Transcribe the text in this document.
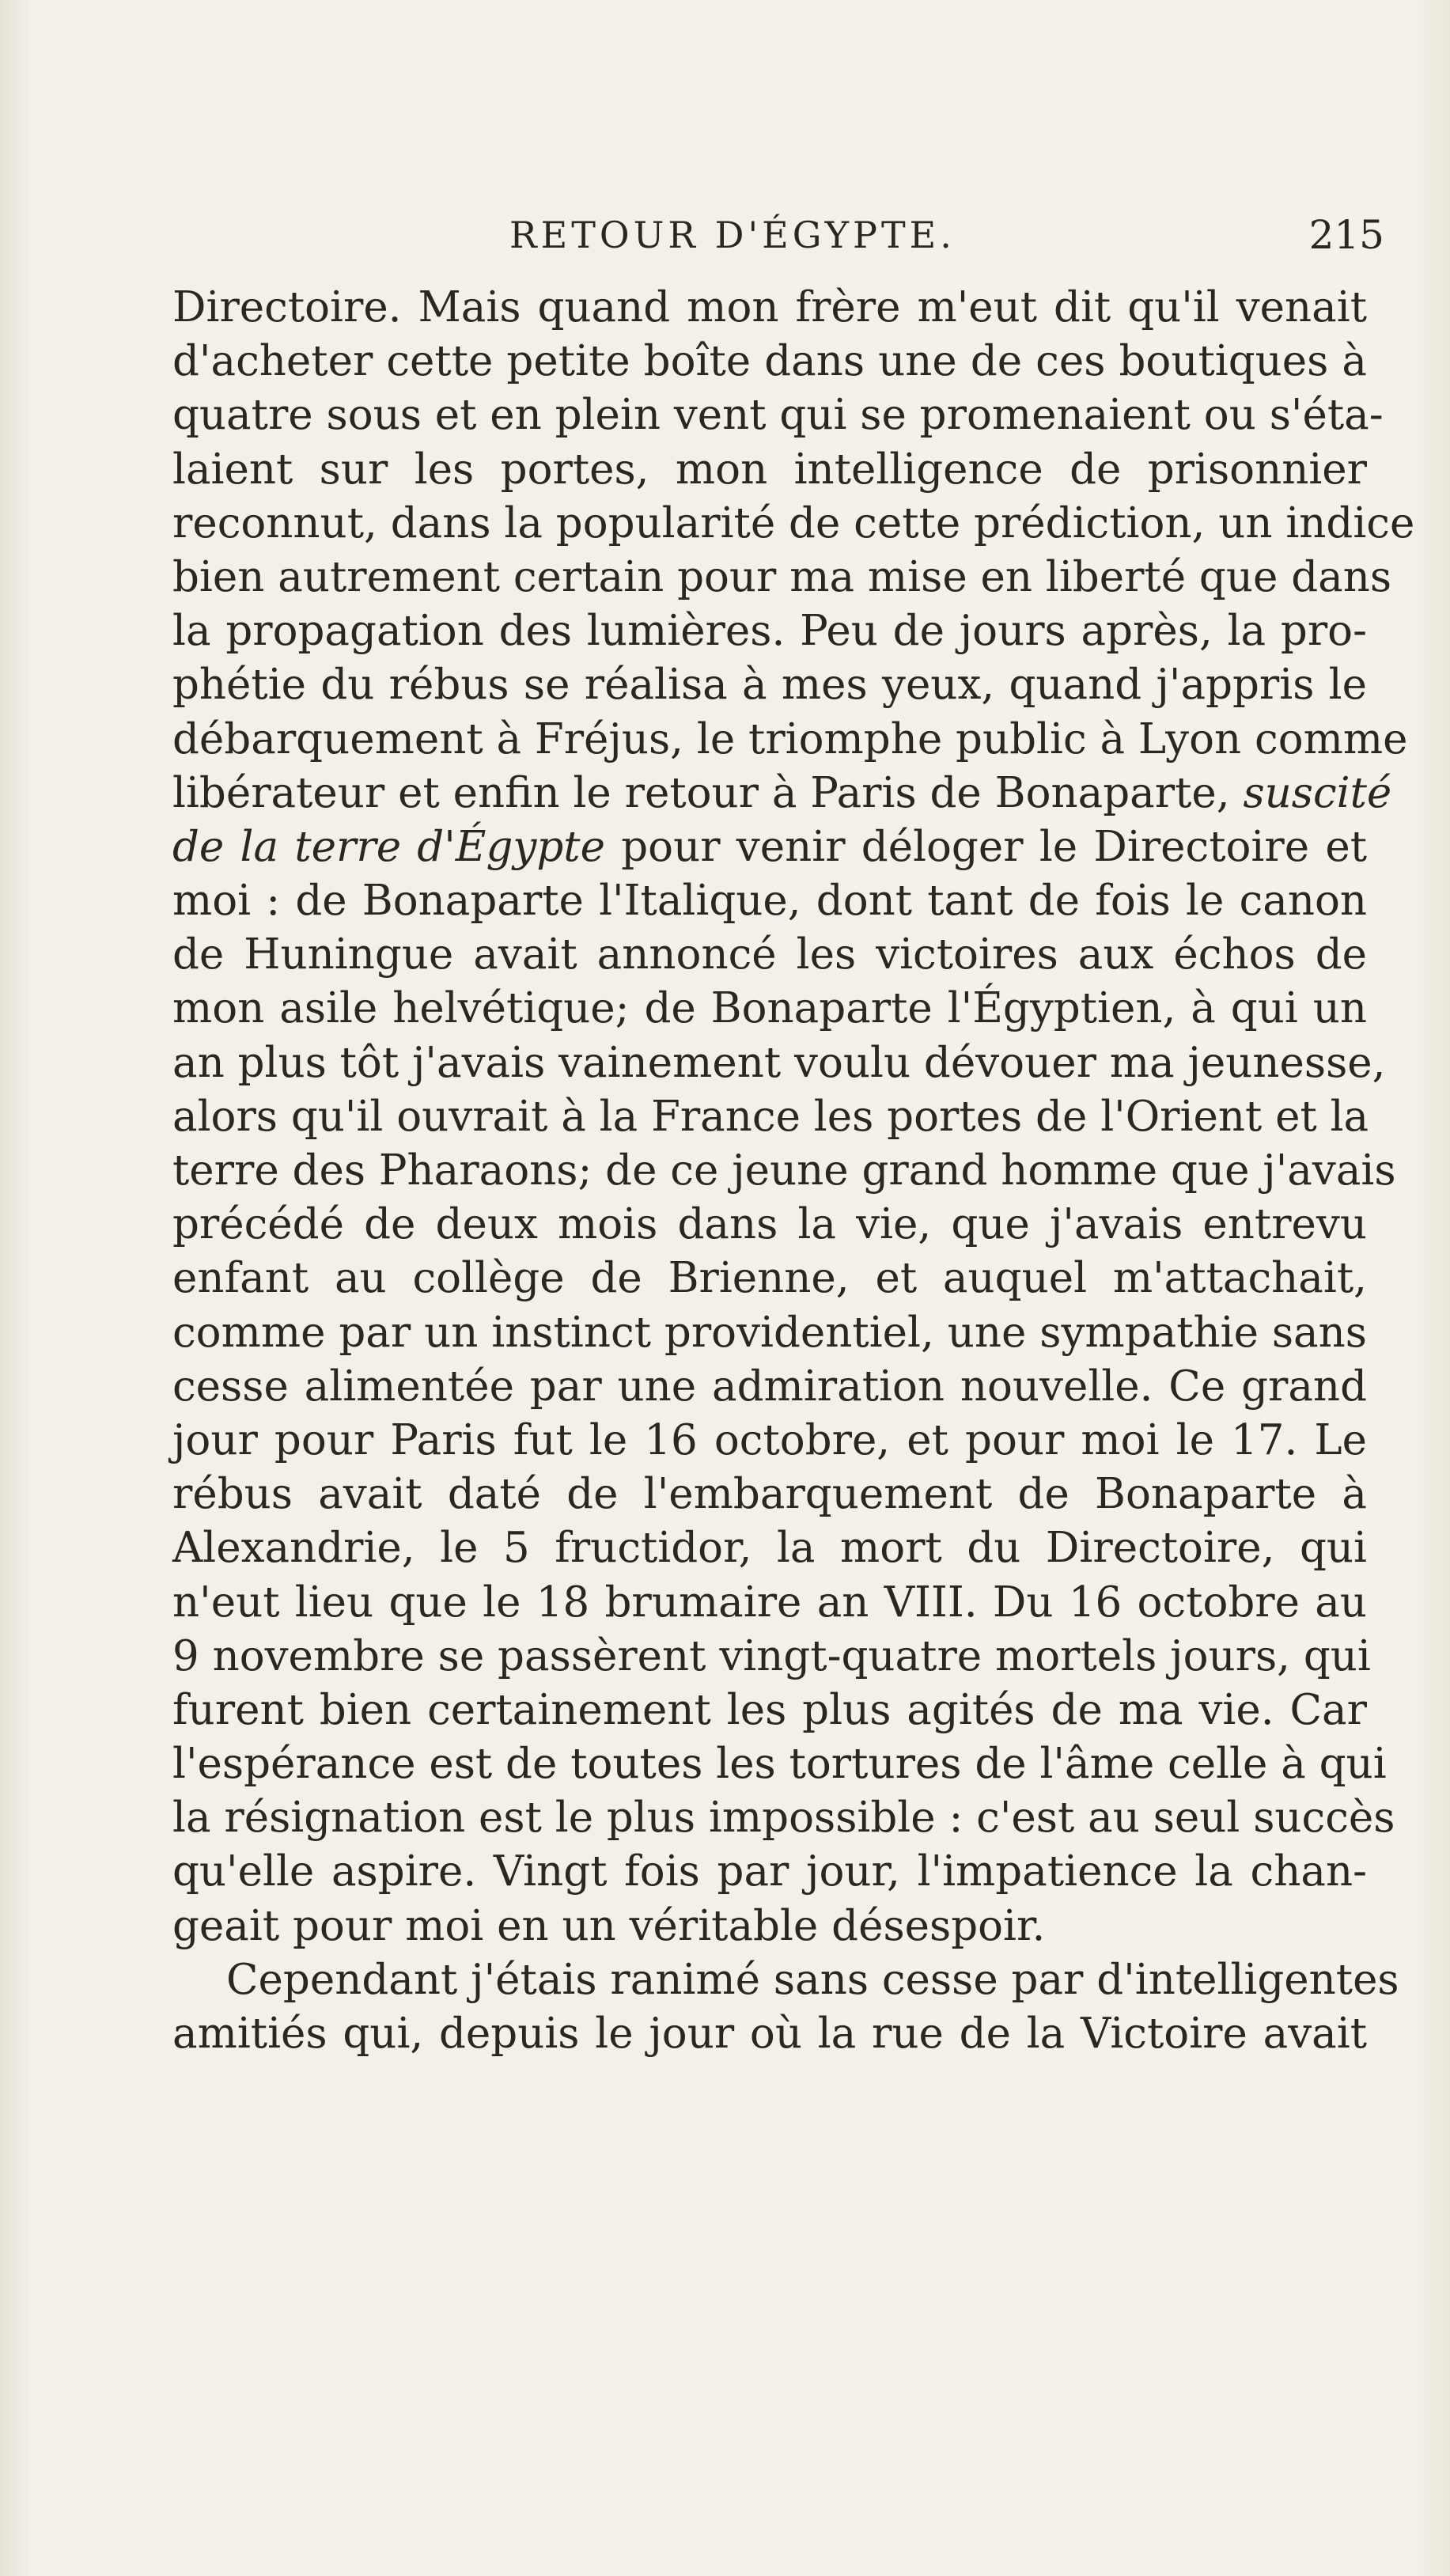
RETOUR D'ÉGYPTE.	215
Directoire. Mais quand mon frère m'eut dit qu'il venait
d'acheter cette petite boîte dans une de ces boutiques à
quatre sous et en plein vent qui se promenaient ou s'éta-
laient sur les portes, mon intelligence de prisonnier
reconnut, dans la popularité de cette prédiction, un indice
bien autrement certain pour ma mise en liberté que dans
la propagation des lumières. Peu de jours après, la pro-
phétie du rébus se réalisa à mes yeux, quand j'appris le
débarquement à Fréjus, le triomphe public à Lyon comme
libérateur et enfin le retour à Paris de Bonaparte, suscité
de la terre d'Égypte pour venir déloger le Directoire et
moi : de Bonaparte l'Italique, dont tant de fois le canon
de Huningue avait annoncé les victoires aux échos de
mon asile helvétique; de Bonaparte l'Égyptien, à qui un
an plus tôt j'avais vainement voulu dévouer ma jeunesse,
alors qu'il ouvrait à la France les portes de l'Orient et la
terre des Pharaons; de ce jeune grand homme que j'avais
précédé de deux mois dans la vie, que j'avais entrevu
enfant au collège de Brienne, et auquel m'attachait,
comme par un instinct providentiel, une sympathie sans
cesse alimentée par une admiration nouvelle. Ce grand
jour pour Paris fut le 16 octobre, et pour moi le 17. Le
rébus avait daté de l'embarquement de Bonaparte à
Alexandrie, le 5 fructidor, la mort du Directoire, qui
n'eut lieu que le 18 brumaire an VIII. Du 16 octobre au
9 novembre se passèrent vingt-quatre mortels jours, qui
furent bien certainement les plus agités de ma vie. Car
l'espérance est de toutes les tortures de l'âme celle à qui
la résignation est le plus impossible : c'est au seul succès
qu'elle aspire. Vingt fois par jour, l'impatience la chan-
geait pour moi en un véritable désespoir.
Cependant j'étais ranimé sans cesse par d'intelligentes
amitiés qui, depuis le jour où la rue de la Victoire avait
